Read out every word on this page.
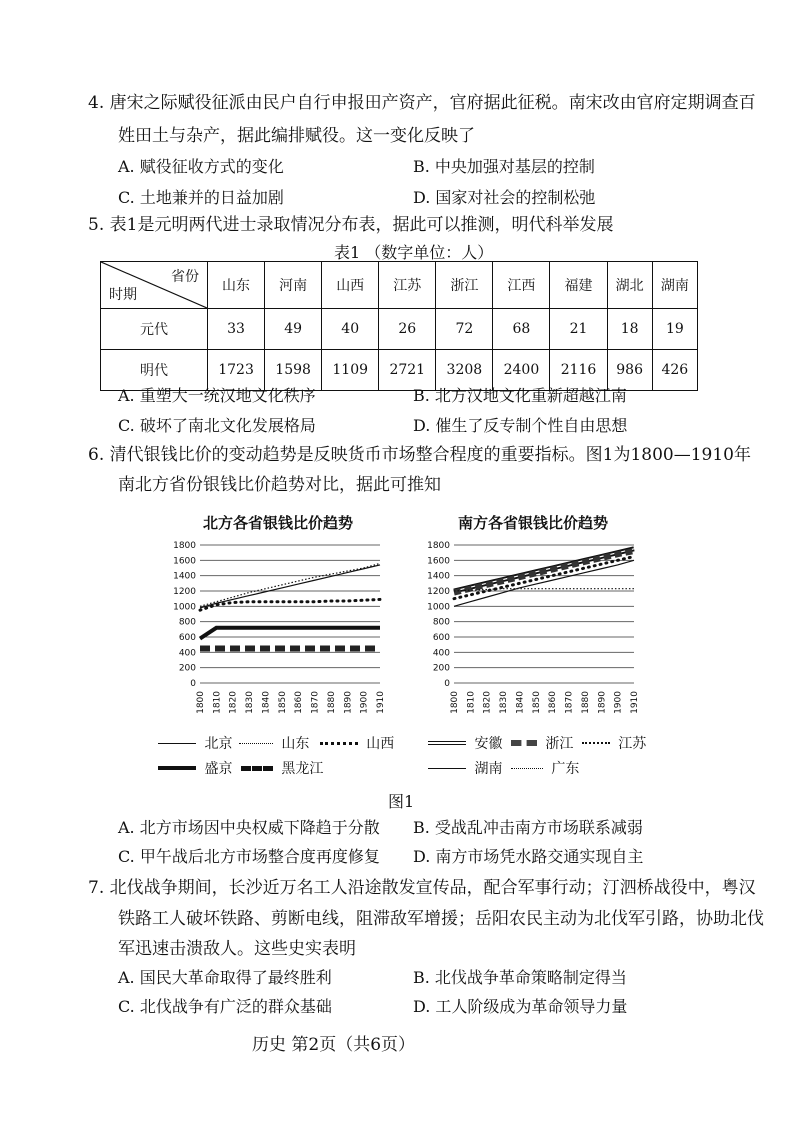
4. 唐宋之际赋役征派由民户自行申报田产资产，官府据此征税。南宋改由官府定期调查百
姓田土与杂产，据此编排赋役。这一变化反映了
A. 赋役征收方式的变化	B. 中央加强对基层的控制
C. 土地兼并的日益加剧	D. 国家对社会的控制松弛
5. 表1是元明两代进士录取情况分布表，据此可以推测，明代科举发展
表1 （数字单位：人）
省份
时期	山东	河南	山西	江苏	浙江	江西	福建	湖北	湖南
元代	33	49	40	26	72	68	21	18	19
明代	1723	1598	1109	2721	3208	2400	2116	986	426
A. 重塑大一统汉地文化秩序	B. 北方汉地文化重新超越江南
C. 破坏了南北文化发展格局	D. 催生了反专制个性自由思想
6. 清代银钱比价的变动趋势是反映货币市场整合程度的重要指标。图1为1800—1910年
南北方省份银钱比价趋势对比，据此可推知
北方各省银钱比价趋势	南方各省银钱比价趋势
0
200
400
600
800
1000
1200
1400
1600
1800
1800 1810 1820 1830 1840 1850 1860 1870 1880 1890 1900 1910
0
200
400
600
800
1000
1200
1400
1600
1800
1800 1810 1820 1830 1840 1850 1860 1870 1880 1890 1900 1910
北京	山东	山西
盛京	黑龙江
安徽	浙江	江苏
湖南	广东
图1
A. 北方市场因中央权威下降趋于分散 B. 受战乱冲击南方市场联系减弱
C. 甲午战后北方市场整合度再度修复 D. 南方市场凭水路交通实现自主
7. 北伐战争期间，长沙近万名工人沿途散发宣传品，配合军事行动；汀泗桥战役中，粤汉
铁路工人破坏铁路、剪断电线，阻滞敌军增援；岳阳农民主动为北伐军引路，协助北伐
军迅速击溃敌人。这些史实表明
A. 国民大革命取得了最终胜利	B. 北伐战争革命策略制定得当
C. 北伐战争有广泛的群众基础	D. 工人阶级成为革命领导力量
历史 第2页（共6页）
